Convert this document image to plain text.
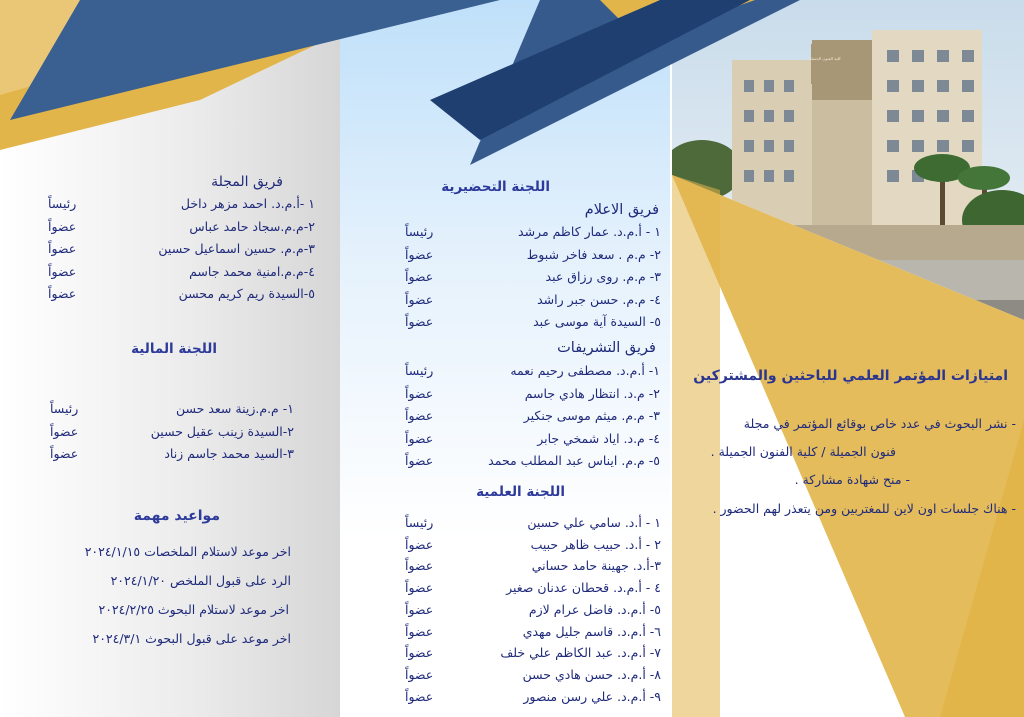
كلية الفنون الجميلة
فريق المجلة
١ -أ.م.د. احمد مزهر داخل
رئيساً
٢-م.م.سجاد حامد عباس
عضواً
٣-م.م. حسين اسماعيل حسين
عضواً
٤-م.م.امنية محمد جاسم
عضواً
٥-السيدة ريم كريم محسن
عضواً
اللجنة المالية
١- م.م.زينة سعد حسن
رئيساً
٢-السيدة زينب عقيل حسين
عضواً
٣-السيد محمد جاسم زناد
عضواً
مواعيد مهمة
اخر موعد لاستلام الملخصات ٢٠٢٤/١/١٥
الرد على قبول الملخص ٢٠٢٤/١/٢٠
اخر موعد لاستلام البحوث ٢٠٢٤/٢/٢٥
اخر موعد على قبول البحوث ٢٠٢٤/٣/١
اللجنة التحضيرية
فريق الاعلام
١ - أ.م.د. عمار كاظم مرشد
رئيساً
٢- م.م . سعد فاخر شبوط
عضواً
٣- م.م. روى رزاق عبد
عضواً
٤- م.م. حسن جبر راشد
عضواً
٥- السيدة آية موسى عبد
عضواً
فريق التشريفات
١- أ.م.د. مصطفى رحيم نعمه
رئيساً
٢- م.د. انتظار هادي جاسم
عضواً
٣- م.م. ميثم موسى جنكير
عضواً
٤- م.د. اياد شمخي جابر
عضواً
٥- م.م. ايناس عبد المطلب محمد
عضواً
اللجنة العلمية
١ - أ.د. سامي علي حسين
رئيساً
٢ - أ.د. حبيب ظاهر حبيب
عضواً
٣-أ.د. جهينة حامد حساني
عضواً
٤ - أ.م.د. قحطان عدنان صغير
عضواً
٥- أ.م.د. فاضل عرام لازم
عضواً
٦- أ.م.د. قاسم جليل مهدي
عضواً
٧- أ.م.د. عبد الكاظم علي خلف
عضواً
٨- أ.م.د. حسن هادي حسن
عضواً
٩- أ.م.د. علي رسن منصور
عضواً
امتيازات المؤتمر العلمي للباحثين والمشتركين
- نشر البحوث في عدد خاص بوقائع المؤتمر في مجلة
فنون الجميلة / كلية الفنون الجميلة .
- منح شهادة مشاركة .
- هناك جلسات اون لاين للمغتربين ومن يتعذر لهم الحضور .
